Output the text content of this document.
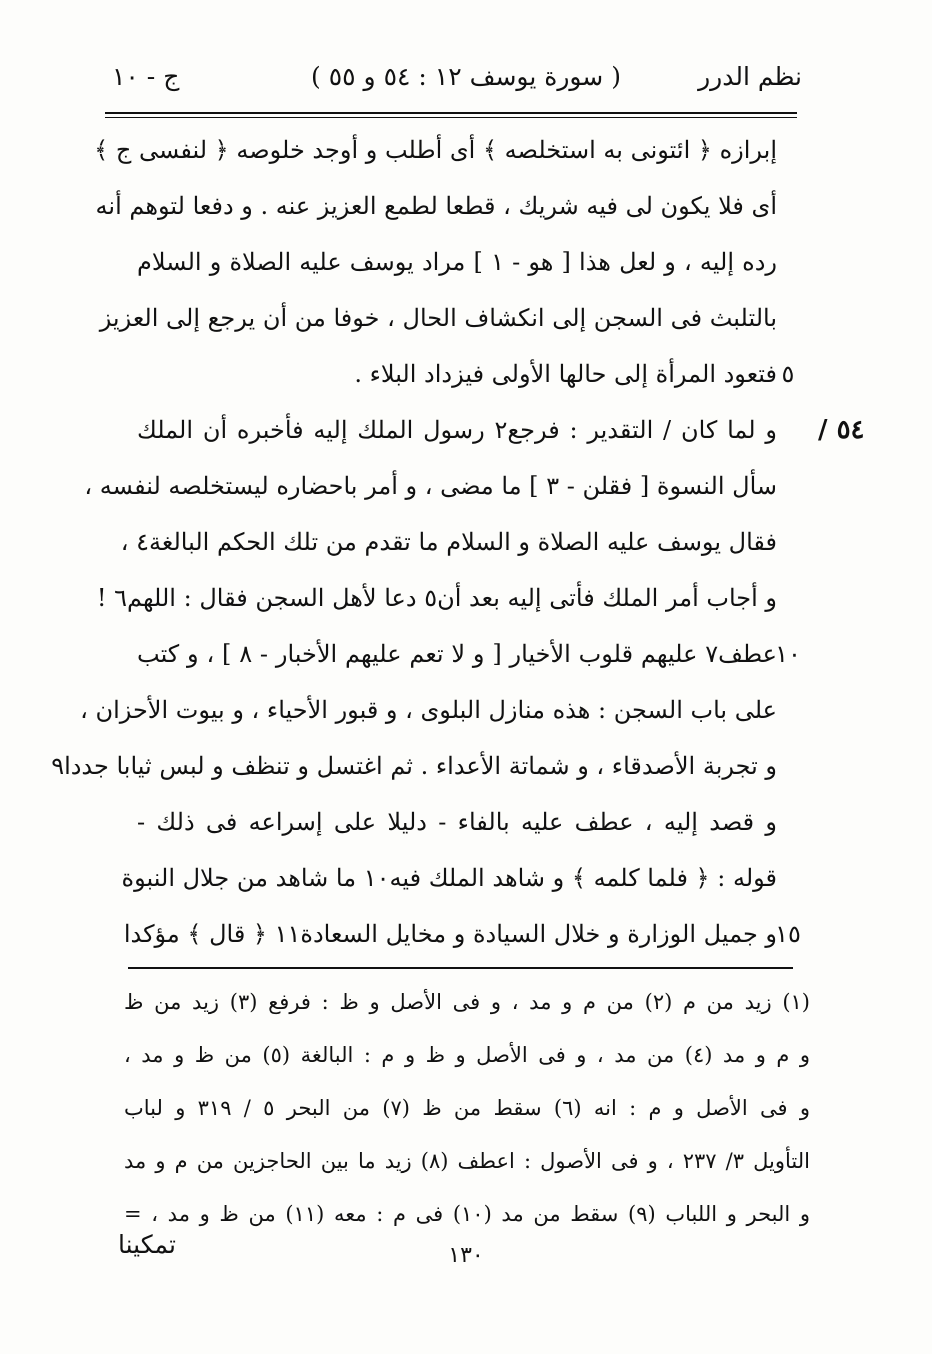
نظم الدرر
( سورة يوسف ١٢ : ٥٤ و ٥٥ )
ج - ١٠
٥٤ /
إبرازه ﴿ ائتونى به استخلصه ﴾ أى أطلب و أوجد خلوصه ﴿ لنفسى ج ﴾
أى فلا يكون لى فيه شريك ، قطعا لطمع العزيز عنه . و دفعا لتوهم أنه
رده إليه ، و لعل هذا [ هو - ١ ] مراد يوسف عليه الصلاة و السلام
بالتلبث فى السجن إلى انكشاف الحال ، خوفا من أن يرجع إلى العزيز
فتعود المرأة إلى حالها الأولى فيزداد البلاء .
و لما كان / التقدير : فرجع٢ رسول الملك إليه فأخبره أن الملك
سأل النسوة [ فقلن - ٣ ] ما مضى ، و أمر باحضاره ليستخلصه لنفسه ،
فقال يوسف عليه الصلاة و السلام ما تقدم من تلك الحكم البالغة٤ ،
و أجاب أمر الملك فأتى إليه بعد أن٥ دعا لأهل السجن فقال : اللهم٦ !
عطف٧ عليهم قلوب الأخيار [ و لا تعم عليهم الأخبار - ٨ ] ، و كتب
على باب السجن : هذه منازل البلوى ، و قبور الأحياء ، و بيوت الأحزان ،
و تجربة الأصدقاء ، و شماتة الأعداء . ثم اغتسل و تنظف و لبس ثيابا جددا٩
و قصد إليه ، عطف عليه بالفاء - دليلا على إسراعه فى ذلك -
قوله : ﴿ فلما كلمه ﴾ و شاهد الملك فيه١٠ ما شاهد من جلال النبوة
و جميل الوزارة و خلال السيادة و مخايل السعادة١١ ﴿ قال ﴾ مؤكدا
٥
١٠
١٥
(١) زيد من م (٢) من م و مد ، و فى الأصل و ظ : فرفع (٣) زيد من ظ
و م و مد (٤) من مد ، و فى الأصل و ظ و م : البالغة (٥) من ظ و مد ،
و فى الأصل و م : انه (٦) سقط من ظ (٧) من البحر ٥ / ٣١٩ و لباب
التأويل ٣/ ٢٣٧ ، و فى الأصول : اعطف (٨) زيد ما بين الحاجزين من م و مد
و البحر و اللباب (٩) سقط من مد (١٠) فى م : معه (١١) من ظ و مد ، =
١٣٠
تمكينا
